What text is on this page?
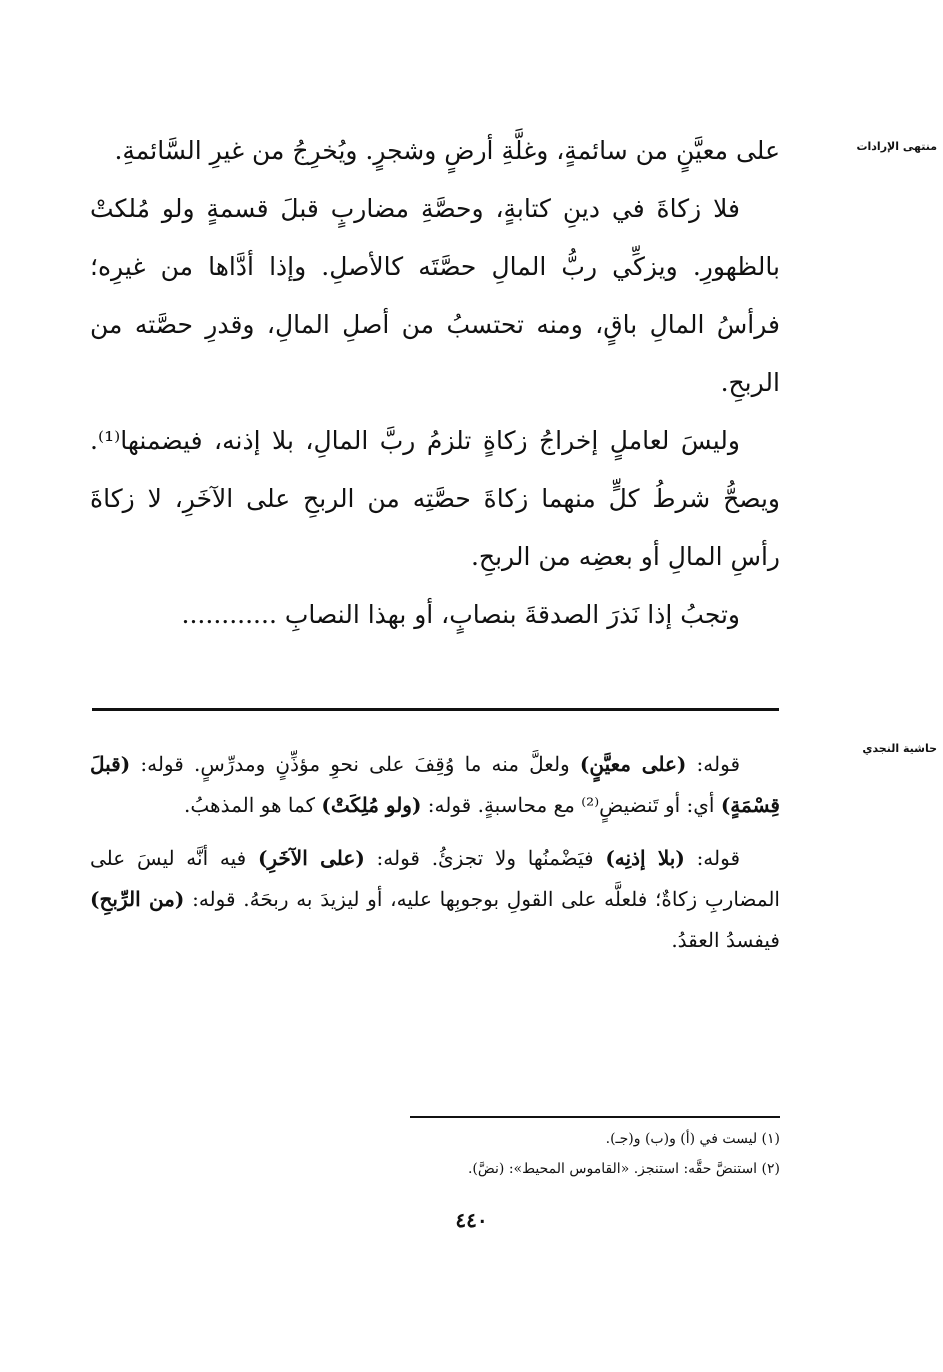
منتهى الإرادات

على معيَّنٍ من سائمةٍ، وغلَّةِ أرضٍ وشجرٍ. ويُخرِجُ من غيرِ السَّائمةِ.

فلا زكاةَ في دينِ كتابةٍ، وحصَّةِ مضاربٍ قبلَ قسمةٍ ولو مُلكتْ بالظهورِ. ويزكِّي ربُّ المالِ حصَّتَه كالأصلِ. وإذا أدَّاها من غيرِه؛ فرأسُ المالِ باقٍ، ومنه تحتسبُ من أصلِ المالِ، وقدرِ حصَّته من الربحِ.

وليسَ لعاملٍ إخراجُ زكاةٍ تلزمُ ربَّ المالِ، بلا إذنه، فيضمنها⁽¹⁾. ويصحُّ شرطُ كلٍّ منهما زكاةَ حصَّتِه من الربحِ على الآخَرِ، لا زكاةَ رأسِ المالِ أو بعضِه من الربحِ.

وتجبُ إذا نَذرَ الصدقةَ بنصابٍ، أو بهذا النصابِ ............

حاشية النجدي

قوله: (على معيَّنٍ) ولعلَّ منه ما وُقِفَ على نحوِ مؤذِّنٍ ومدرِّسٍ. قوله: (قبلَ قِسْمَةٍ) أي: أو تَنضيضٍ⁽²⁾ مع محاسبةٍ. قوله: (ولو مُلِكَتْ) كما هو المذهبُ.

قوله: (بلا إذنِه) فيَضْمنُها ولا تجزئُ. قوله: (على الآخَرِ) فيه أنَّه ليسَ على المضاربِ زكاةٌ؛ فلعلَّه على القولِ بوجوبِها عليه، أو ليزيدَ به ربحَهُ. قوله: (من الرِّبحِ) فيفسدُ العقدُ.

(١) ليست في (أ) و(ب) و(جـ).
(٢) استنضَّ حقَّه: استنجز. «القاموس المحيط»: (نضَّ).
٤٤٠
